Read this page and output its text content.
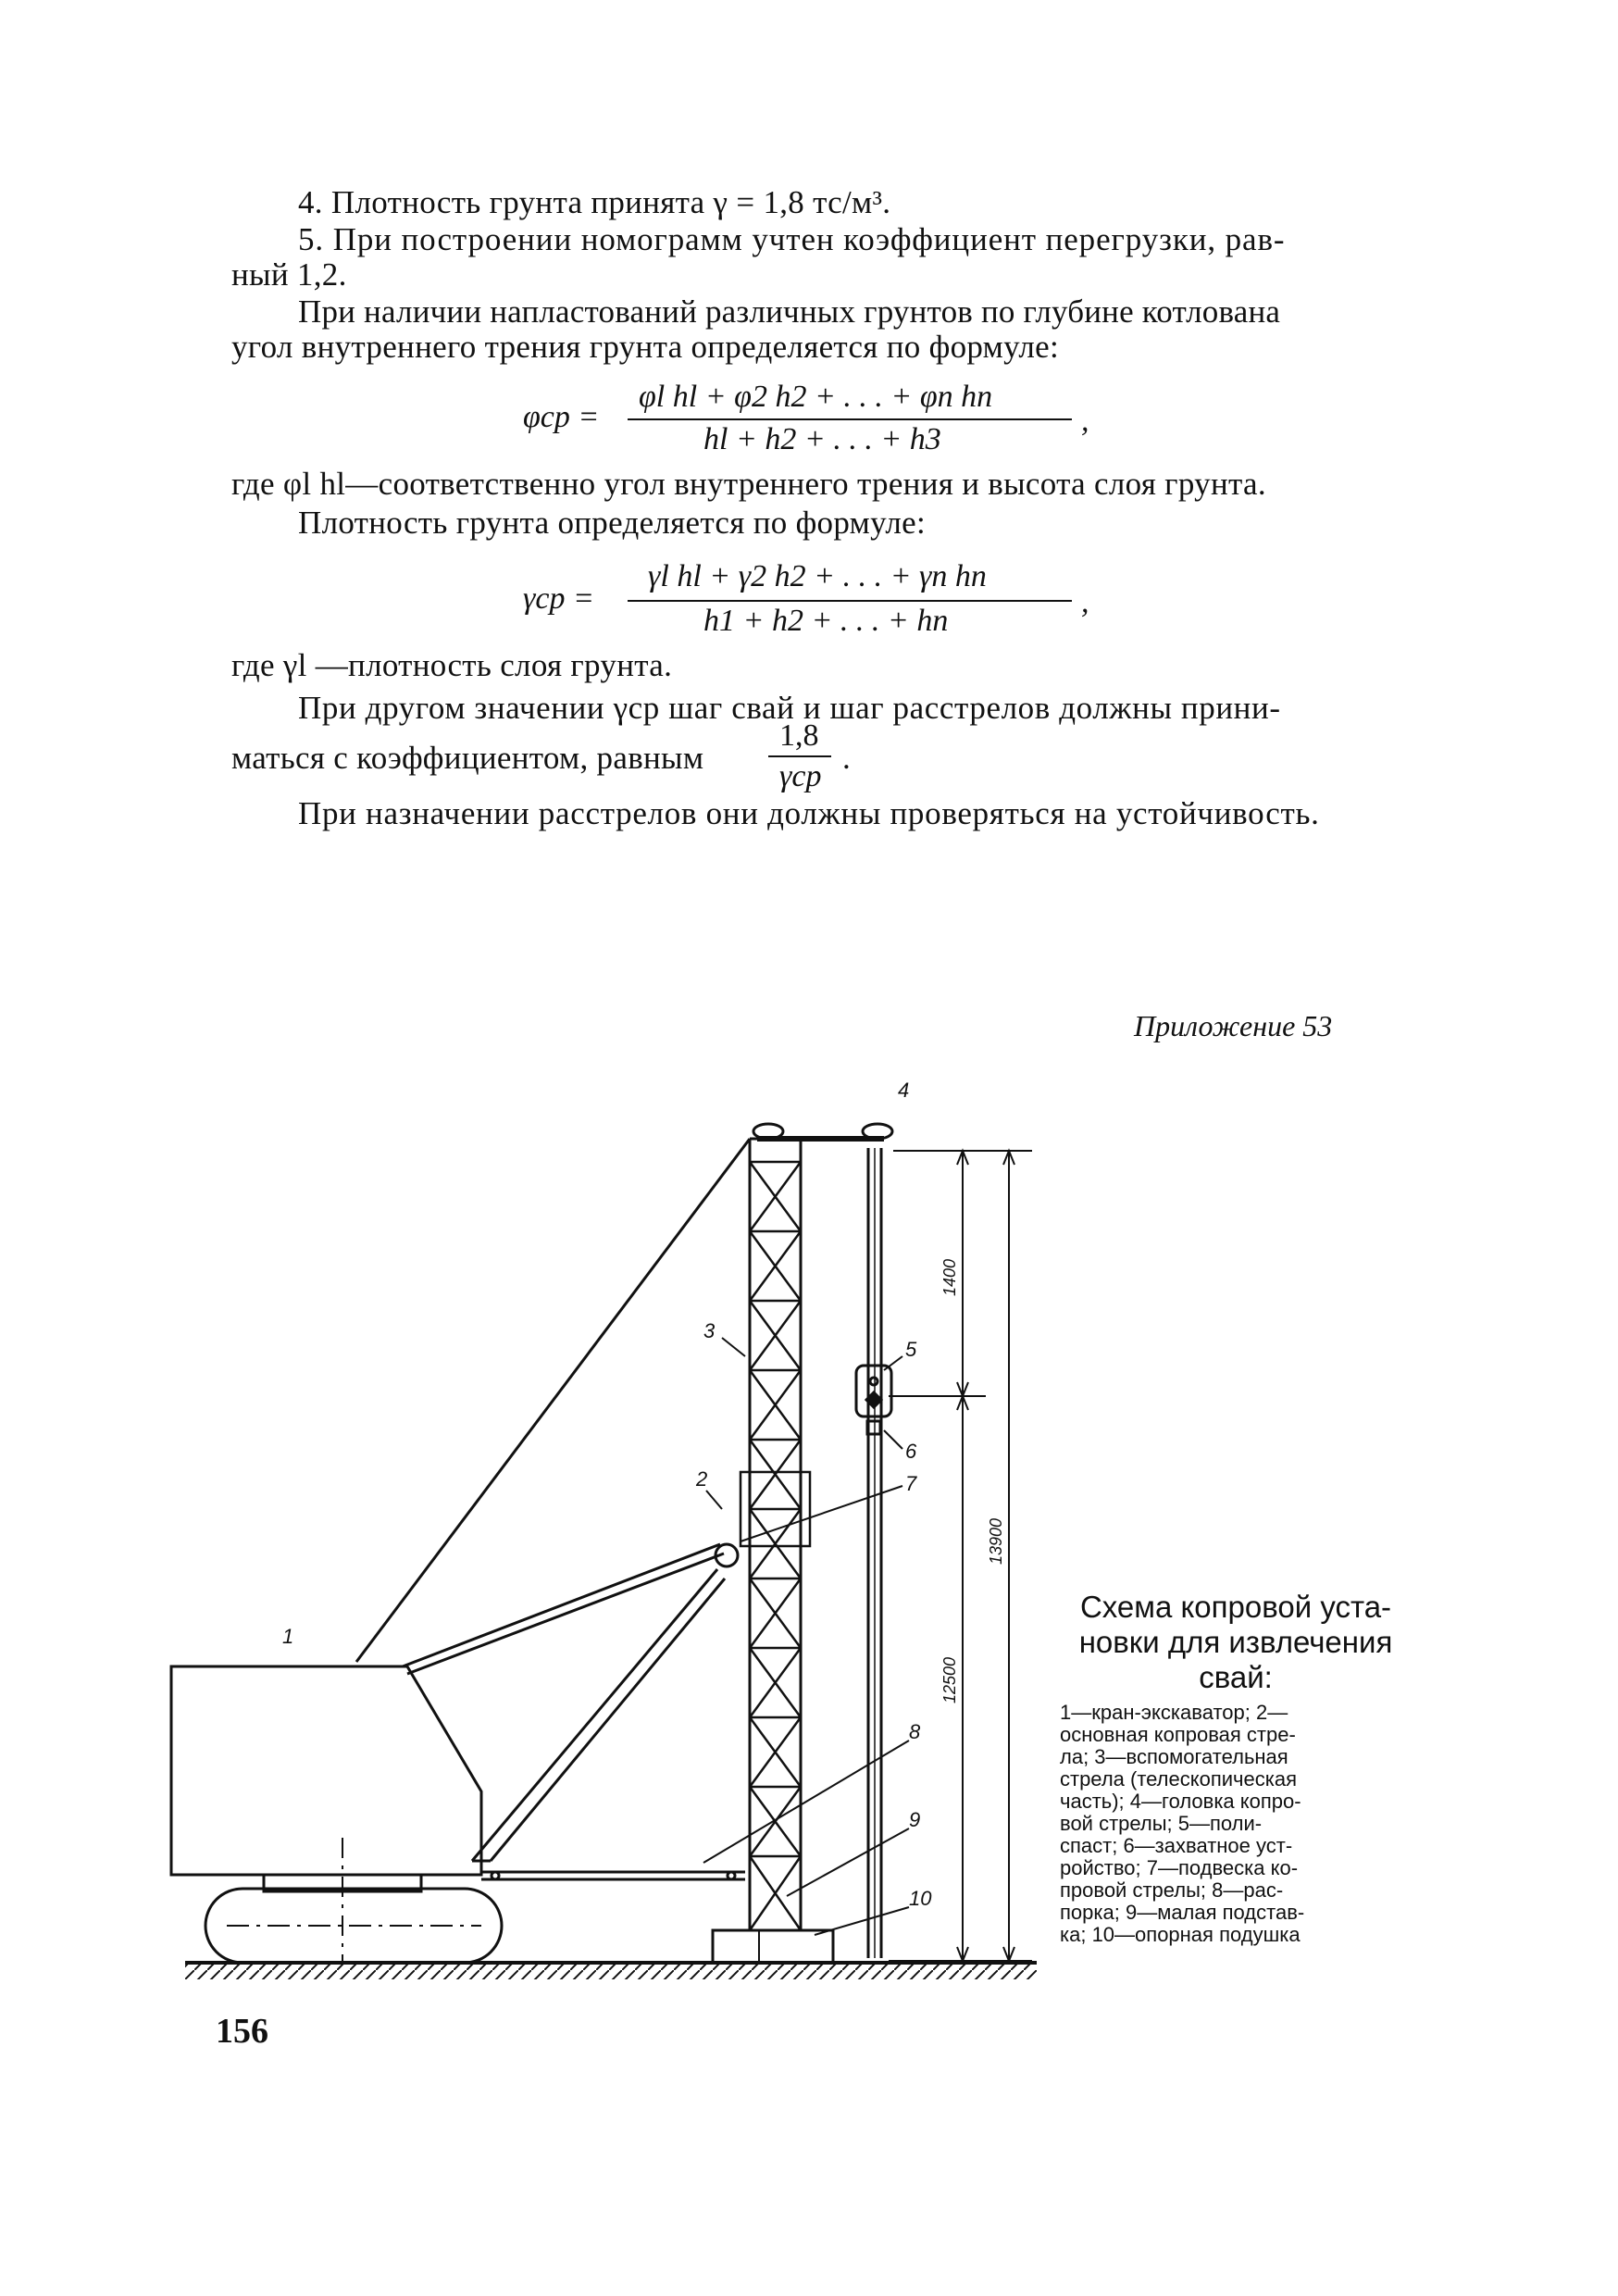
4. Плотность грунта принята γ = 1,8 тс/м³.
5. При построении номограмм учтен коэффициент перегрузки, рав-
ный 1,2.
При наличии напластований различных грунтов по глубине котлована
угол внутреннего трения грунта определяется по формуле:
φср =
φl hl + φ2 h2 + . . . + φn hn
hl + h2 + . . . + h3
,
где φl hl—соответственно угол внутреннего трения и высота слоя грунта.
Плотность грунта определяется по формуле:
γср =
γl hl + γ2 h2 + . . . + γn hn
h1 + h2 + . . . + hn
,
где γl —плотность слоя грунта.
При другом значении γср шаг свай и шаг расстрелов должны прини-
маться с коэффициентом, равным
1,8
γср
.
При назначении расстрелов они должны проверяться на устойчивость.
Приложение 53
1
2
3
4
5
6
7
8
9
10
1400
13900
12500
Схема копровой уста-
новки для извлечения
свай:
1—кран-экскаватор; 2—
основная копровая стре-
ла; 3—вспомогательная
стрела (телескопическая
часть); 4—головка копро-
вой стрелы; 5—поли-
спаст; 6—захватное уст-
ройство; 7—подвеска ко-
провой стрелы; 8—рас-
порка; 9—малая подстав-
ка; 10—опорная подушка
156
